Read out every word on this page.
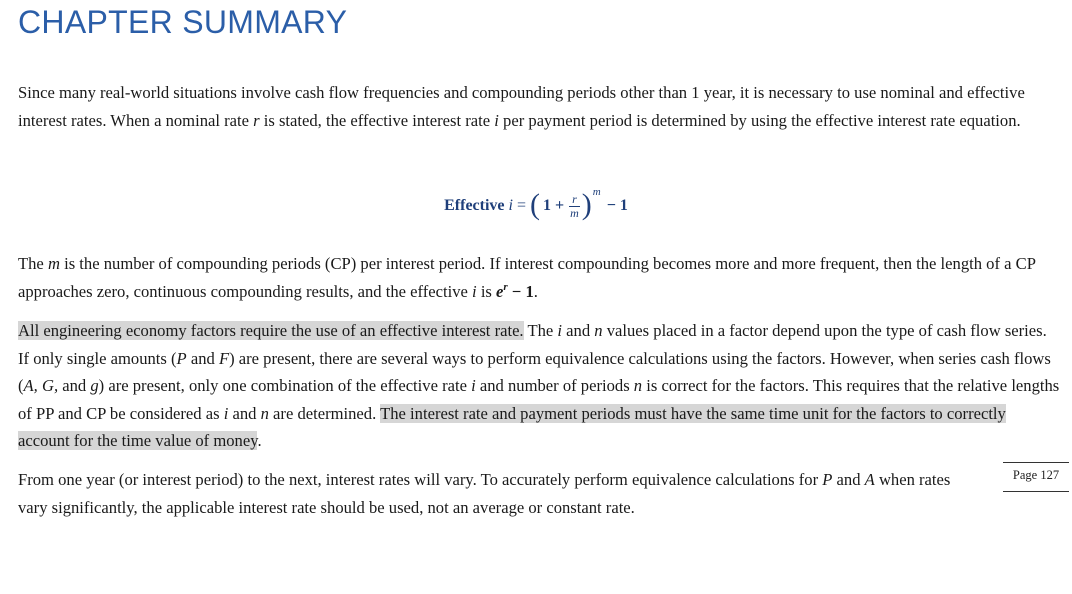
CHAPTER SUMMARY

Since many real-world situations involve cash flow frequencies and compounding periods other than 1 year, it is necessary to use nominal and effective interest rates. When a nominal rate r is stated, the effective interest rate i per payment period is determined by using the effective interest rate equation.

Effective i = ( $1 + \frac{r}{m}$ ) m
− 1

The m is the number of compounding periods (CP) per interest period. If interest compounding becomes more and more frequent, then the length of a CP approaches zero, continuous compounding results, and the effective i is $e^r - 1$.

All engineering economy factors require the use of an effective interest rate. The i and n values placed in a factor depend upon the type of cash flow series. If only single amounts (P and F) are present, there are several ways to perform equivalence calculations using the factors. However, when series cash flows (A, G, and g) are present, only one combination of the effective rate i and number of periods n is correct for the factors. This requires that the relative lengths of PP and CP be considered as i and n are determined. The interest rate and payment periods must have the same time unit for the factors to correctly account for the time value of money.

From one year (or interest period) to the next, interest rates will vary. To accurately perform equivalence calculations for P and A when rates vary significantly, the applicable interest rate should be used, not an average or constant rate.

Page 127
